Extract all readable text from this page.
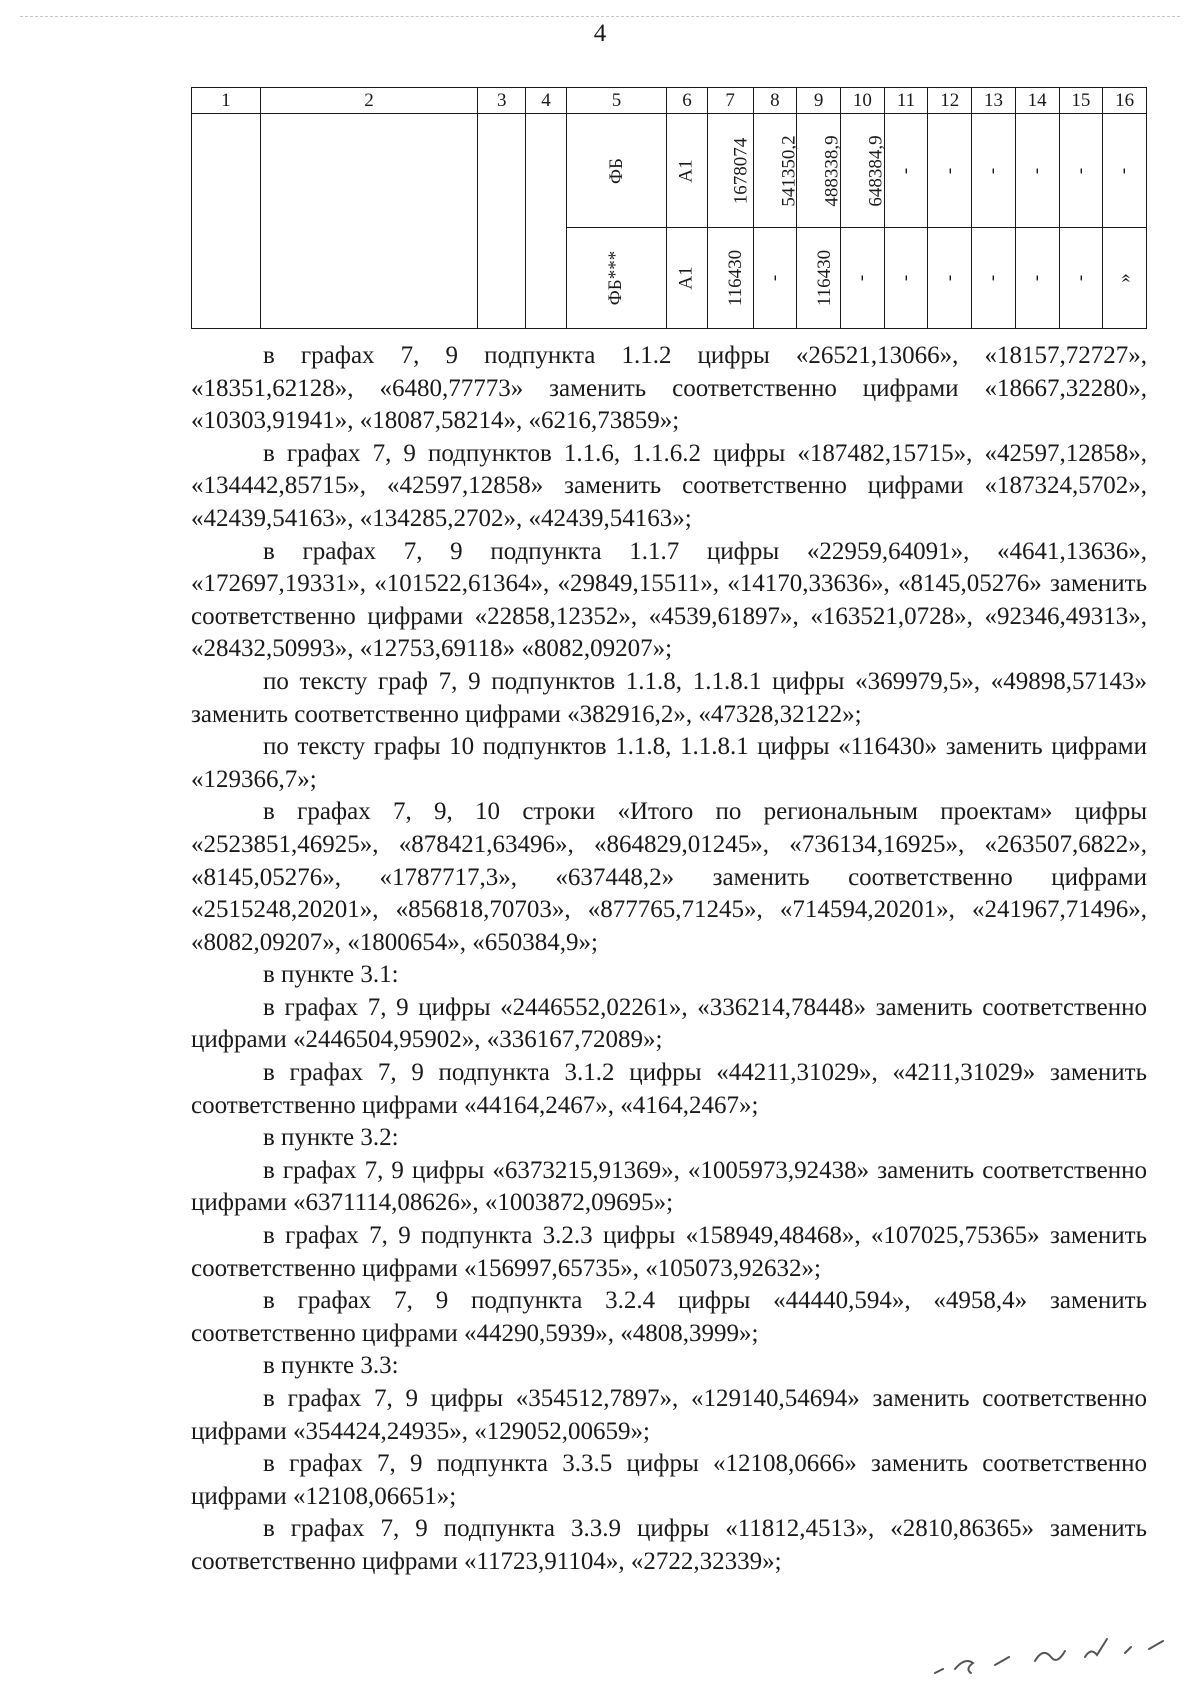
4
1	2	3	4	5	6	7	8	9	10	11	12	13	14	15	16
				ФБ	А1	1678074	541350,2	488338,9	648384,9	-	-	-	-	-	-
				ФБ***	А1	116430	-	116430	-	-	-	-	-	-	»

в графах 7, 9 подпункта 1.1.2 цифры «26521,13066», «18157,72727», «18351,62128», «6480,77773» заменить соответственно цифрами «18667,32280», «10303,91941», «18087,58214», «6216,73859»;

в графах 7, 9 подпунктов 1.1.6, 1.1.6.2 цифры «187482,15715», «42597,12858», «134442,85715», «42597,12858» заменить соответственно цифрами «187324,5702», «42439,54163», «134285,2702», «42439,54163»;

в графах 7, 9 подпункта 1.1.7 цифры «22959,64091», «4641,13636», «172697,19331», «101522,61364», «29849,15511», «14170,33636», «8145,05276» заменить соответственно цифрами «22858,12352», «4539,61897», «163521,0728», «92346,49313», «28432,50993», «12753,69118» «8082,09207»;

по тексту граф 7, 9 подпунктов 1.1.8, 1.1.8.1 цифры «369979,5», «49898,57143» заменить соответственно цифрами «382916,2», «47328,32122»;

по тексту графы 10 подпунктов 1.1.8, 1.1.8.1 цифры «116430» заменить цифрами «129366,7»;

в графах 7, 9, 10 строки «Итого по региональным проектам» цифры «2523851,46925», «878421,63496», «864829,01245», «736134,16925», «263507,6822», «8145,05276», «1787717,3», «637448,2» заменить соответственно цифрами «2515248,20201», «856818,70703», «877765,71245», «714594,20201», «241967,71496», «8082,09207», «1800654», «650384,9»;

в пункте 3.1:

в графах 7, 9 цифры «2446552,02261», «336214,78448» заменить соответственно цифрами «2446504,95902», «336167,72089»;

в графах 7, 9 подпункта 3.1.2 цифры «44211,31029», «4211,31029» заменить соответственно цифрами «44164,2467», «4164,2467»;

в пункте 3.2:

в графах 7, 9 цифры «6373215,91369», «1005973,92438» заменить соответственно цифрами «6371114,08626», «1003872,09695»;

в графах 7, 9 подпункта 3.2.3 цифры «158949,48468», «107025,75365» заменить соответственно цифрами «156997,65735», «105073,92632»;

в графах 7, 9 подпункта 3.2.4 цифры «44440,594», «4958,4» заменить соответственно цифрами «44290,5939», «4808,3999»;

в пункте 3.3:

в графах 7, 9 цифры «354512,7897», «129140,54694» заменить соответственно цифрами «354424,24935», «129052,00659»;

в графах 7, 9 подпункта 3.3.5 цифры «12108,0666» заменить соответственно цифрами «12108,06651»;

в графах 7, 9 подпункта 3.3.9 цифры «11812,4513», «2810,86365» заменить соответственно цифрами «11723,91104», «2722,32339»;
